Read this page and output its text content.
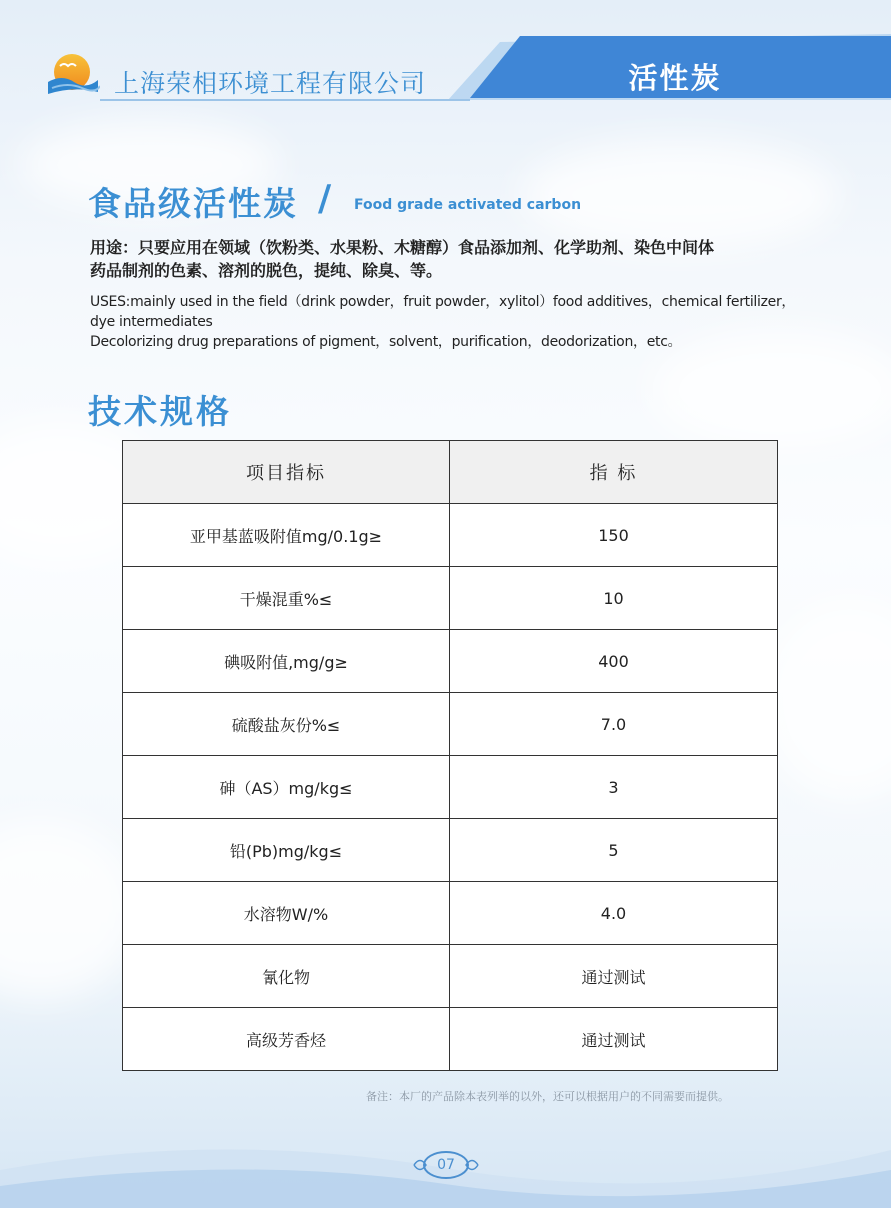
上海荣相环境工程有限公司	活性炭
食品级活性炭 / Food grade activated carbon
用途：只要应用在领域（饮粉类、水果粉、木糖醇）食品添加剂、化学助剂、染色中间体
药品制剂的色素、溶剂的脱色，提纯、除臭、等。
USES:mainly used in the field（drink powder，fruit powder，xylitol）food additives，chemical fertilizer，
dye intermediates
Decolorizing drug preparations of pigment，solvent，purification，deodorization，etc。
技术规格
项目指标	指 标
亚甲基蓝吸附值mg/0.1g≥	150
干燥混重%≤	10
碘吸附值,mg/g≥	400
硫酸盐灰份%≤	7.0
砷（AS）mg/kg≤	3
铅(Pb)mg/kg≤	5
水溶物W/%	4.0
氰化物	通过测试
高级芳香烃	通过测试
备注：本厂的产品除本表列举的以外，还可以根据用户的不同需要而提供。
07
